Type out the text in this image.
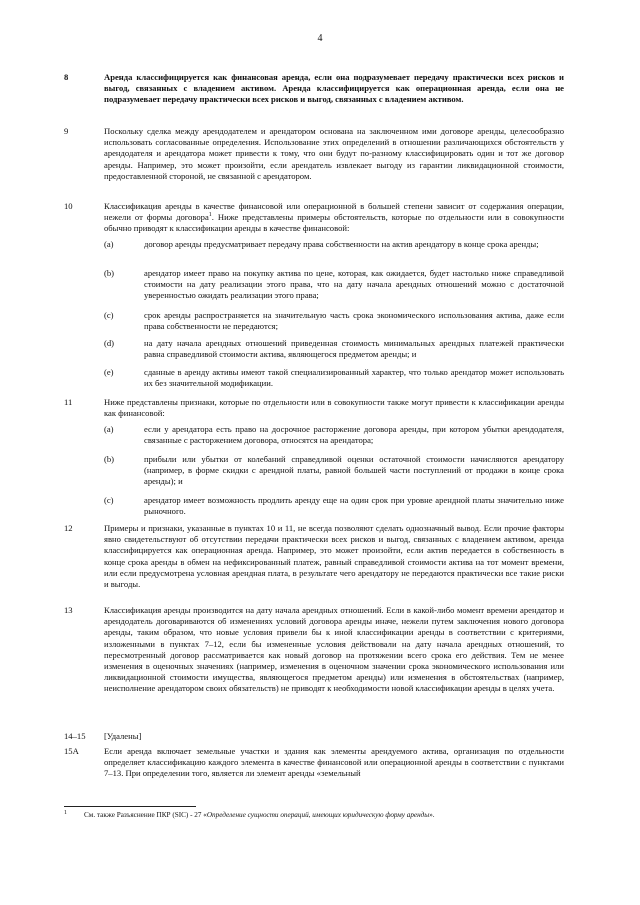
4
8	Аренда классифицируется как финансовая аренда, если она подразумевает передачу практически всех рисков и выгод, связанных с владением активом. Аренда классифицируется как операционная аренда, если она не подразумевает передачу практически всех рисков и выгод, связанных с владением активом.
9	Поскольку сделка между арендодателем и арендатором основана на заключенном ими договоре аренды, целесообразно использовать согласованные определения. Использование этих определений в отношении различающихся обстоятельств у арендодателя и арендатора может привести к тому, что они будут по-разному классифицировать один и тот же договор аренды. Например, это может произойти, если арендатель извлекает выгоду из гарантии ликвидационной стоимости, предоставленной стороной, не связанной с арендатором.
10	Классификация аренды в качестве финансовой или операционной в большей степени зависит от содержания операции, нежели от формы договора$^1$. Ниже представлены примеры обстоятельств, которые по отдельности или в совокупности обычно приводят к классификации аренды в качестве финансовой:
(a)	договор аренды предусматривает передачу права собственности на актив арендатору в конце срока аренды;
(b)	арендатор имеет право на покупку актива по цене, которая, как ожидается, будет настолько ниже справедливой стоимости на дату реализации этого права, что на дату начала арендных отношений можно с достаточной уверенностью ожидать реализации этого права;
(c)	срок аренды распространяется на значительную часть срока экономического использования актива, даже если права собственности не передаются;
(d)	на дату начала арендных отношений приведенная стоимость минимальных арендных платежей практически равна справедливой стоимости актива, являющегося предметом аренды; и
(e)	сданные в аренду активы имеют такой специализированный характер, что только арендатор может использовать их без значительной модификации.
11	Ниже представлены признаки, которые по отдельности или в совокупности также могут привести к классификации аренды как финансовой:
(a)	если у арендатора есть право на досрочное расторжение договора аренды, при котором убытки арендодателя, связанные с расторжением договора, относятся на арендатора;
(b)	прибыли или убытки от колебаний справедливой оценки остаточной стоимости начисляются арендатору (например, в форме скидки с арендной платы, равной большей части поступлений от продажи в конце срока аренды); и
(c)	арендатор имеет возможность продлить аренду еще на один срок при уровне арендной платы значительно ниже рыночного.
12	Примеры и признаки, указанные в пунктах 10 и 11, не всегда позволяют сделать однозначный вывод. Если прочие факторы явно свидетельствуют об отсутствии передачи практически всех рисков и выгод, связанных с владением активом, аренда классифицируется как операционная аренда. Например, это может произойти, если актив передается в собственность в конце срока аренды в обмен на нефиксированный платеж, равный справедливой стоимости актива на тот момент времени, или если предусмотрена условная арендная плата, в результате чего арендатору не передаются практически все такие риски и выгоды.
13	Классификация аренды производится на дату начала арендных отношений. Если в какой-либо момент времени арендатор и арендодатель договариваются об изменениях условий договора аренды иначе, нежели путем заключения нового договора аренды, таким образом, что новые условия привели бы к иной классификации аренды в соответствии с критериями, изложенными в пунктах 7–12, если бы измененные условия действовали на дату начала арендных отношений, то пересмотренный договор рассматривается как новый договор на протяжении всего срока его действия. Тем не менее изменения в оценочных значениях (например, изменения в оценочном значении срока экономического использования или ликвидационной стоимости имущества, являющегося предметом аренды) или изменения в обстоятельствах (например, неисполнение арендатором своих обязательств) не приводят к необходимости новой классификации аренды в целях учета.
14–15	[Удалены]
15A	Если аренда включает земельные участки и здания как элементы арендуемого актива, организация по отдельности определяет классификацию каждого элемента в качестве финансовой или операционной аренды в соответствии с пунктами 7–13. При определении того, является ли элемент аренды «земельный
1 См. также Разъяснение ПКР (SIC) - 27 «Определение сущности операций, имеющих юридическую форму аренды».
